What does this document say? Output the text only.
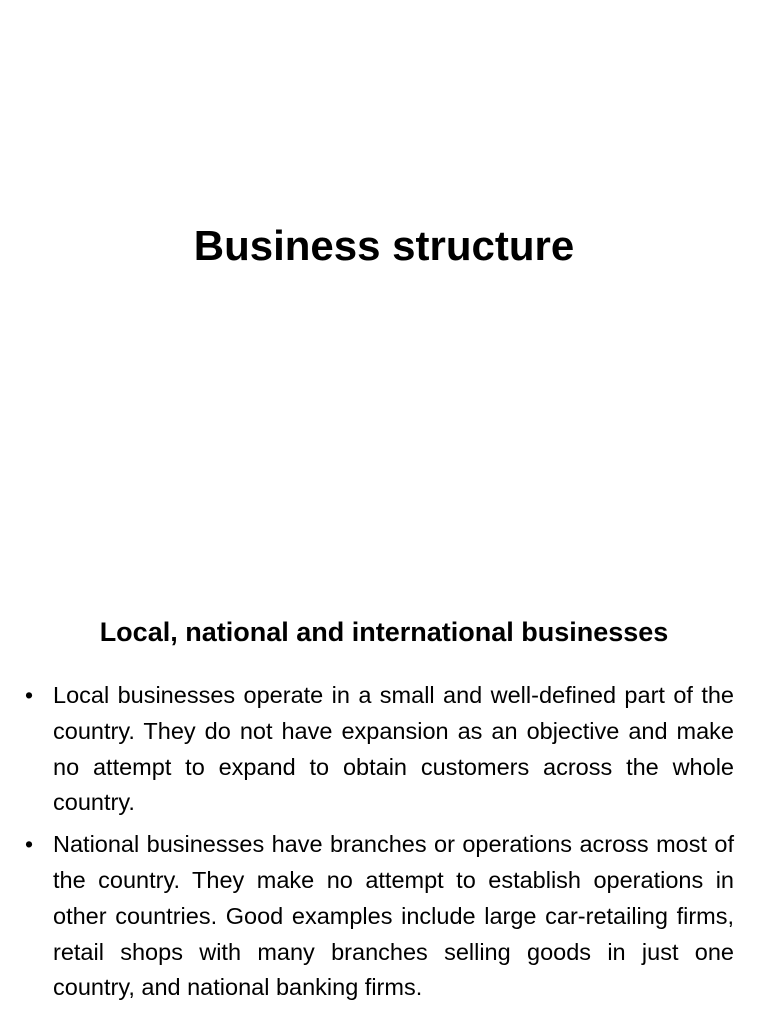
Business structure
Local, national and international businesses
• Local businesses operate in a small and well-defined part of the country. They do not have expansion as an objective and make no attempt to expand to obtain customers across the whole country.
• National businesses have branches or operations across most of the country. They make no attempt to establish operations in other countries. Good examples include large car-retailing firms, retail shops with many branches selling goods in just one country, and national banking firms.
